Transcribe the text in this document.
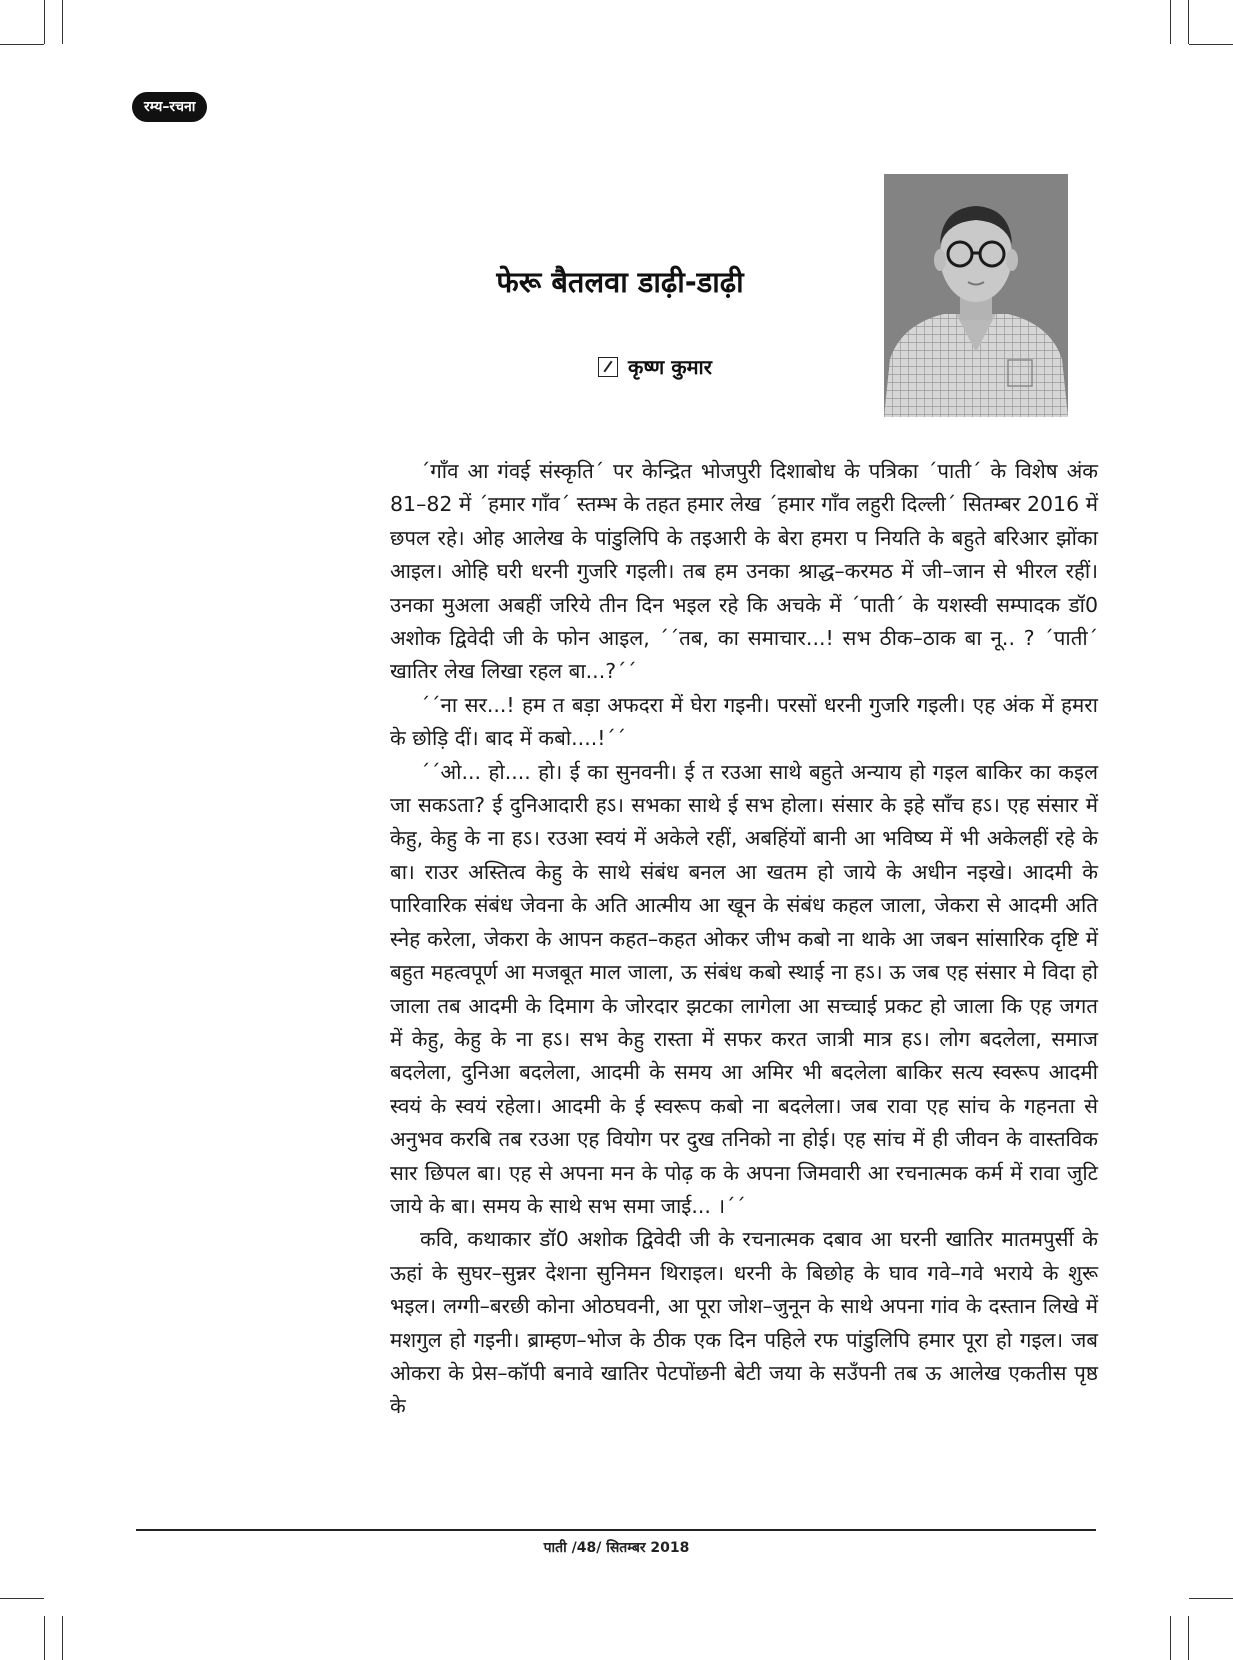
रम्य–रचना
फेरू बैतलवा डाढ़ी-डाढ़ी
कृष्ण कुमार

´गाँव आ गंवई संस्कृति´ पर केन्द्रित भोजपुरी दिशाबोध के पत्रिका ´पाती´ के विशेष अंक 81–82 में ´हमार गाँव´ स्तम्भ के तहत हमार लेख ´हमार गाँव लहुरी दिल्ली´ सितम्बर 2016 में छपल रहे। ओह आलेख के पांडुलिपि के तइआरी के बेरा हमरा प नियति के बहुते बरिआर झोंका आइल। ओहि घरी धरनी गुजरि गइली। तब हम उनका श्राद्ध–करमठ में जी–जान से भीरल रहीं। उनका मुअला अबहीं जरिये तीन दिन भइल रहे कि अचके में ´पाती´ के यशस्वी सम्पादक डॉ0 अशोक द्विवेदी जी के फोन आइल, ´´तब, का समाचार...! सभ ठीक–ठाक बा नू.. ? ´पाती´ खातिर लेख लिखा रहल बा...?´´

´´ना सर...! हम त बड़ा अफदरा में घेरा गइनी। परसों धरनी गुजरि गइली। एह अंक में हमरा के छोड़ि दीं। बाद में कबो....!´´

´´ओ... हो.... हो। ई का सुनवनी। ई त रउआ साथे बहुते अन्याय हो गइल बाकिर का कइल जा सकऽता? ई दुनिआदारी हऽ। सभका साथे ई सभ होला। संसार के इहे साँच हऽ। एह संसार में केहु, केहु के ना हऽ। रउआ स्वयं में अकेले रहीं, अबहिंयों बानी आ भविष्य में भी अकेलहीं रहे के बा। राउर अस्तित्व केहु के साथे संबंध बनल आ खतम हो जाये के अधीन नइखे। आदमी के पारिवारिक संबंध जेवना के अति आत्मीय आ खून के संबंध कहल जाला, जेकरा से आदमी अति स्नेह करेला, जेकरा के आपन कहत–कहत ओकर जीभ कबो ना थाके आ जबन सांसारिक दृष्टि में बहुत महत्वपूर्ण आ मजबूत माल जाला, ऊ संबंध कबो स्थाई ना हऽ। ऊ जब एह संसार मे विदा हो जाला तब आदमी के दिमाग के जोरदार झटका लागेला आ सच्चाई प्रकट हो जाला कि एह जगत में केहु, केहु के ना हऽ। सभ केहु रास्ता में सफर करत जात्री मात्र हऽ। लोग बदलेला, समाज बदलेला, दुनिआ बदलेला, आदमी के समय आ अमिर भी बदलेला बाकिर सत्य स्वरूप आदमी स्वयं के स्वयं रहेला। आदमी के ई स्वरूप कबो ना बदलेला। जब रावा एह सांच के गहनता से अनुभव करबि तब रउआ एह वियोग पर दुख तनिको ना होई। एह सांच में ही जीवन के वास्तविक सार छिपल बा। एह से अपना मन के पोढ़ क के अपना जिमवारी आ रचनात्मक कर्म में रावा जुटि जाये के बा। समय के साथे सभ समा जाई... ।´´

कवि, कथाकार डॉ0 अशोक द्विवेदी जी के रचनात्मक दबाव आ घरनी खातिर मातमपुर्सी के ऊहां के सुघर–सुन्नर देशना सुनिमन थिराइल। धरनी के बिछोह के घाव गवे–गवे भराये के शुरू भइल। लग्गी–बरछी कोना ओठघवनी, आ पूरा जोश–जुनून के साथे अपना गांव के दस्तान लिखे में मशगुल हो गइनी। ब्राम्हण–भोज के ठीक एक दिन पहिले रफ पांडुलिपि हमार पूरा हो गइल। जब ओकरा के प्रेस–कॉपी बनावे खातिर पेटपोंछनी बेटी जया के सउँपनी तब ऊ आलेख एकतीस पृष्ठ के

पाती /48/ सितम्बर 2018
